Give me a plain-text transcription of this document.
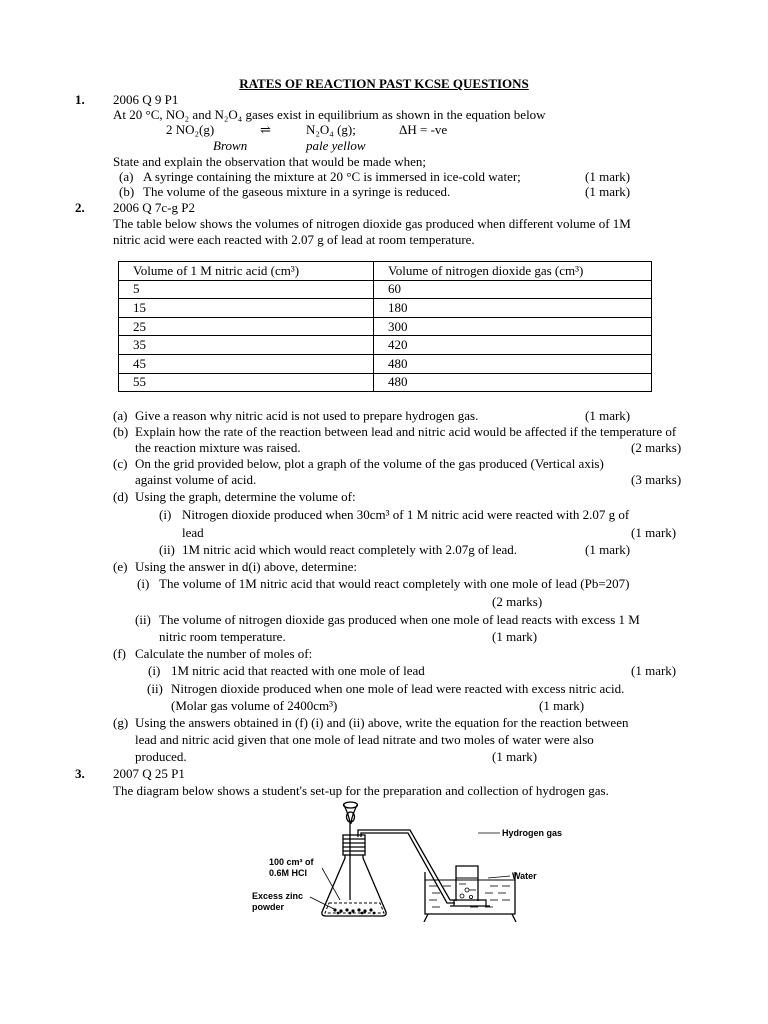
RATES OF REACTION PAST KCSE QUESTIONS
1. 2006 Q 9 P1
At 20 °C, NO₂ and N₂O₄ gases exist in equilibrium as shown in the equation below
2 NO₂(g)	⇌	N₂O₄ (g);	ΔH = -ve
Brown	pale yellow
State and explain the observation that would be made when;
(a) A syringe containing the mixture at 20 °C is immersed in ice-cold water;	(1 mark)
(b) The volume of the gaseous mixture in a syringe is reduced.	(1 mark)
2. 2006 Q 7c-g P2
The table below shows the volumes of nitrogen dioxide gas produced when different volume of 1M
nitric acid were each reacted with 2.07 g of lead at room temperature.
Volume of 1 M nitric acid (cm³)	Volume of nitrogen dioxide gas (cm³)
5	60
15	180
25	300
35	420
45	480
55	480
(a) Give a reason why nitric acid is not used to prepare hydrogen gas.	(1 mark)
(b) Explain how the rate of the reaction between lead and nitric acid would be affected if the temperature of
the reaction mixture was raised.	(2 marks)
(c) On the grid provided below, plot a graph of the volume of the gas produced (Vertical axis)
against volume of acid.	(3 marks)
(d) Using the graph, determine the volume of:
(i) Nitrogen dioxide produced when 30cm³ of 1 M nitric acid were reacted with 2.07 g of
lead	(1 mark)
(ii) 1M nitric acid which would react completely with 2.07g of lead.	(1 mark)
(e) Using the answer in d(i) above, determine:
(i) The volume of 1M nitric acid that would react completely with one mole of lead (Pb=207)
(2 marks)
(ii) The volume of nitrogen dioxide gas produced when one mole of lead reacts with excess 1 M
nitric room temperature.	(1 mark)
(f) Calculate the number of moles of:
(i) 1M nitric acid that reacted with one mole of lead	(1 mark)
(ii) Nitrogen dioxide produced when one mole of lead were reacted with excess nitric acid.
(Molar gas volume of 2400cm³)	(1 mark)
(g) Using the answers obtained in (f) (i) and (ii) above, write the equation for the reaction between
lead and nitric acid given that one mole of lead nitrate and two moles of water were also
produced.	(1 mark)
3. 2007 Q 25 P1
The diagram below shows a student's set-up for the preparation and collection of hydrogen gas.
100 cm³ of
0.6M HCl
Excess zinc
powder
Hydrogen gas
Water
